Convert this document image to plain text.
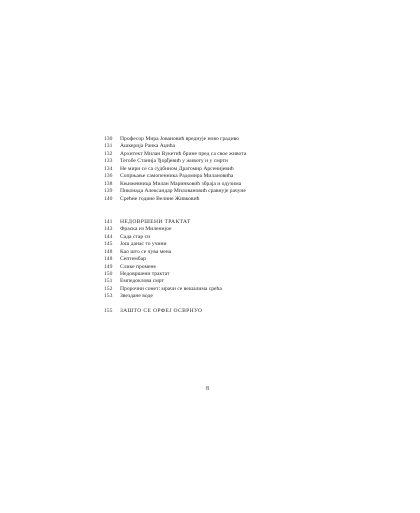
130	Професор Мира Јовановић вреднује ново градиво
131	Ашкерија Ранка Аџића
132	Архитект Милан Вукетић брине пред са свое живота
133	Тегобе Станија Ђорђевић у животу и у смрти
134	Не мири се са судбином Драгомир Арсенијевић
136	Сопрњање самопенника Радомира Милановића
138	Књижевница Милан Маринковић збраја и одузима
139	Пиконада Александар Миловановић сравнује рачуне
140	Срећне године Велине Живковић
141	НЕДОВРШЕНИ ТРАКТАТ
143	Фраска из Миленијое
144	Сада стар си
145	Још данас то учини
148	Као што се чува мена
148	Септембар
149	Слике промене
150	Недовршени трактат
151	Емпедоклова смрт
152	Пророчни сонет: мрачи се вешалима срећа
153	Звездане воде
155	ЗАШТО СЕ ОРФЕЈ ОСВРНУО
8
